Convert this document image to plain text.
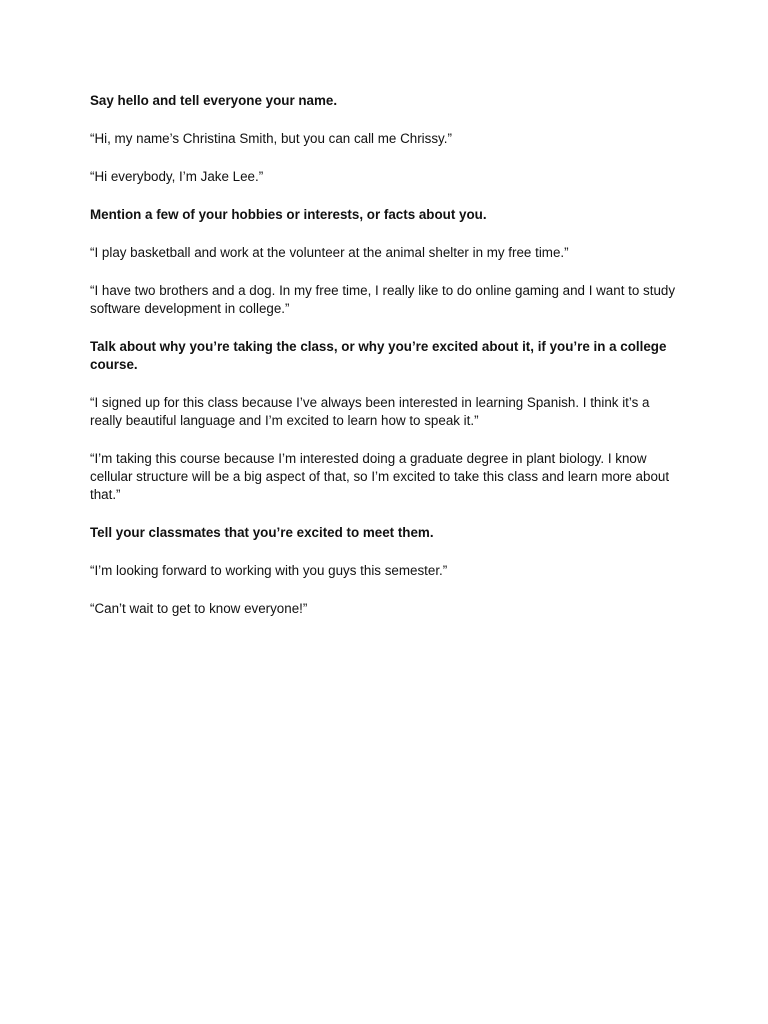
Say hello and tell everyone your name.

“Hi, my name’s Christina Smith, but you can call me Chrissy.”

“Hi everybody, I’m Jake Lee.”

Mention a few of your hobbies or interests, or facts about you.

“I play basketball and work at the volunteer at the animal shelter in my free time.”

“I have two brothers and a dog. In my free time, I really like to do online gaming and I want to study software development in college.”

Talk about why you’re taking the class, or why you’re excited about it, if you’re in a college course.

“I signed up for this class because I’ve always been interested in learning Spanish. I think it’s a really beautiful language and I’m excited to learn how to speak it.”

“I’m taking this course because I’m interested doing a graduate degree in plant biology. I know cellular structure will be a big aspect of that, so I’m excited to take this class and learn more about that.”

Tell your classmates that you’re excited to meet them.

“I’m looking forward to working with you guys this semester.”

“Can’t wait to get to know everyone!”
